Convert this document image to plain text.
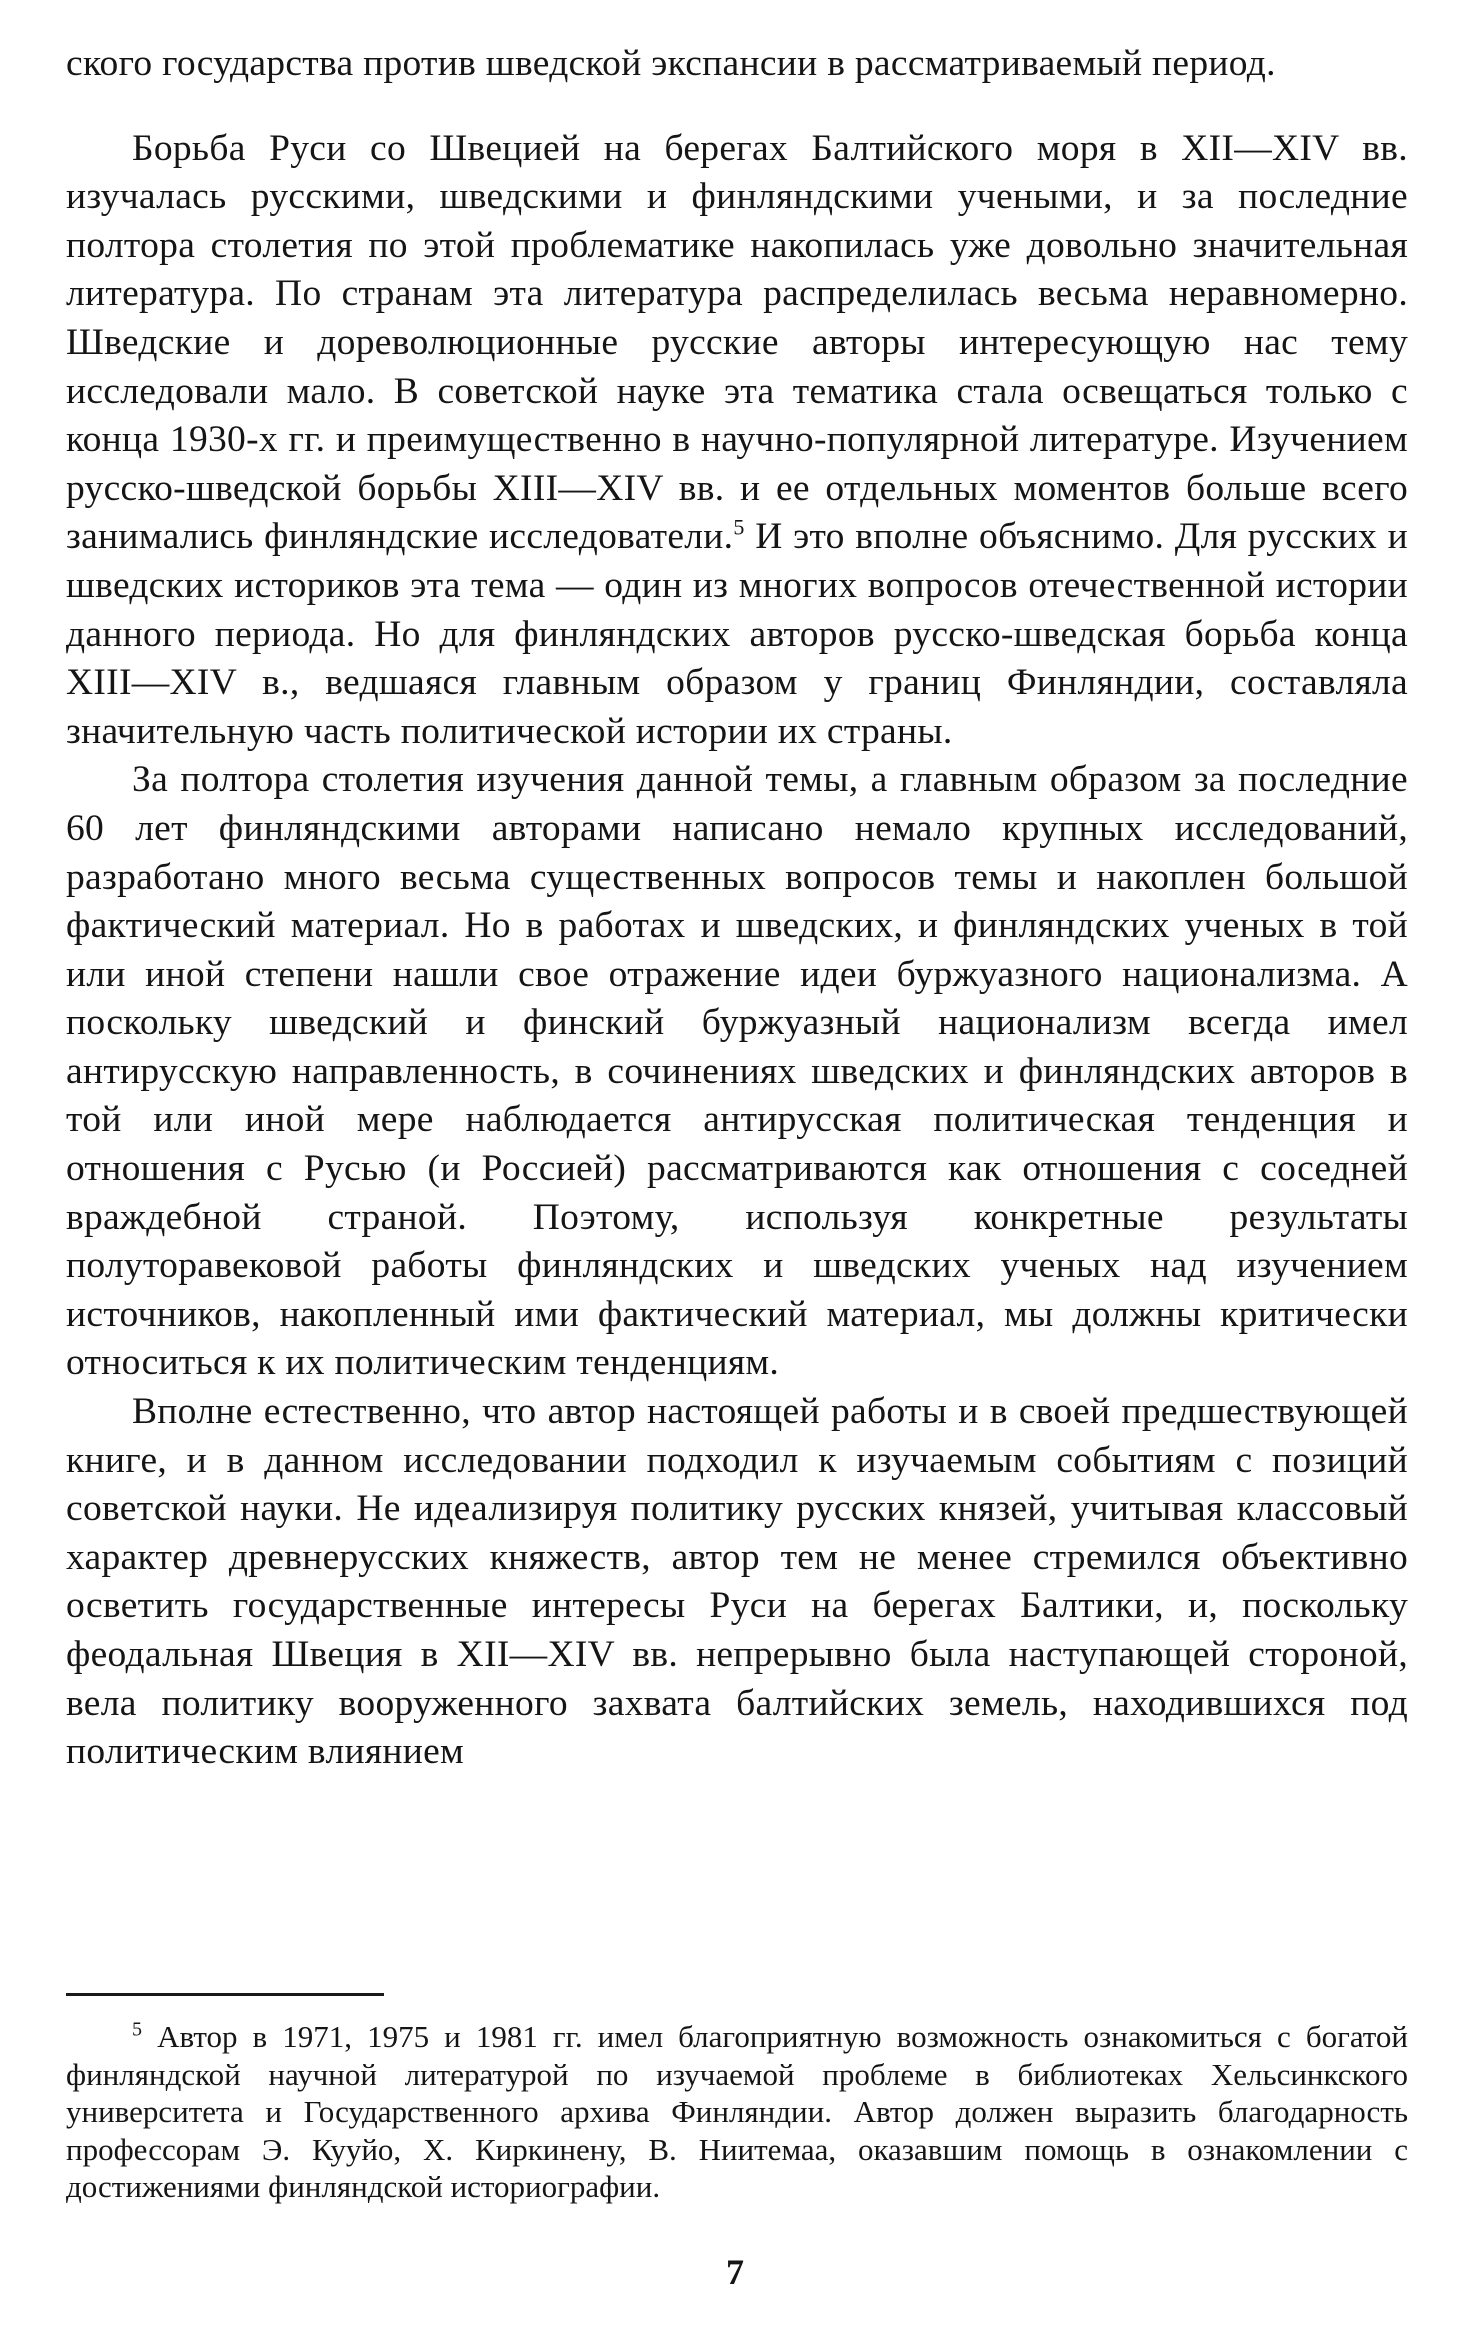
ского государства против шведской экспансии в рассматриваемый период.

Борьба Руси со Швецией на берегах Балтийского моря в XII—XIV вв. изучалась русскими, шведскими и финляндскими учеными, и за последние полтора столетия по этой проблематике накопилась уже довольно значительная литература. По странам эта литература распределилась весьма неравномерно. Шведские и дореволюционные русские авторы интересующую нас тему исследовали мало. В советской науке эта тематика стала освещаться только с конца 1930-х гг. и преимущественно в научно-популярной литературе. Изучением русско-шведской борьбы XIII—XIV вв. и ее отдельных моментов больше всего занимались финляндские исследователи.$^5$ И это вполне объяснимо. Для русских и шведских историков эта тема — один из многих вопросов отечественной истории данного периода. Но для финляндских авторов русско-шведская борьба конца XIII—XIV в., ведшаяся главным образом у границ Финляндии, составляла значительную часть политической истории их страны.

За полтора столетия изучения данной темы, а главным образом за последние 60 лет финляндскими авторами написано немало крупных исследований, разработано много весьма существенных вопросов темы и накоплен большой фактический материал. Но в работах и шведских, и финляндских ученых в той или иной степени нашли свое отражение идеи буржуазного национализма. А поскольку шведский и финский буржуазный национализм всегда имел антирусскую направленность, в сочинениях шведских и финляндских авторов в той или иной мере наблюдается антирусская политическая тенденция и отношения с Русью (и Россией) рассматриваются как отношения с соседней враждебной страной. Поэтому, используя конкретные результаты полуторавековой работы финляндских и шведских ученых над изучением источников, накопленный ими фактический материал, мы должны критически относиться к их политическим тенденциям.

Вполне естественно, что автор настоящей работы и в своей предшествующей книге, и в данном исследовании подходил к изучаемым событиям с позиций советской науки. Не идеализируя политику русских князей, учитывая классовый характер древнерусских княжеств, автор тем не менее стремился объективно осветить государственные интересы Руси на берегах Балтики, и, поскольку феодальная Швеция в XII—XIV вв. непрерывно была наступающей стороной, вела политику вооруженного захвата балтийских земель, находившихся под политическим влиянием

$^5$ Автор в 1971, 1975 и 1981 гг. имел благоприятную возможность ознакомиться с богатой финляндской научной литературой по изучаемой проблеме в библиотеках Хельсинкского университета и Государственного архива Финляндии. Автор должен выразить благодарность профессорам Э. Кууйо, Х. Киркинену, В. Ниитемаа, оказавшим помощь в ознакомлении с достижениями финляндской историографии.

7
